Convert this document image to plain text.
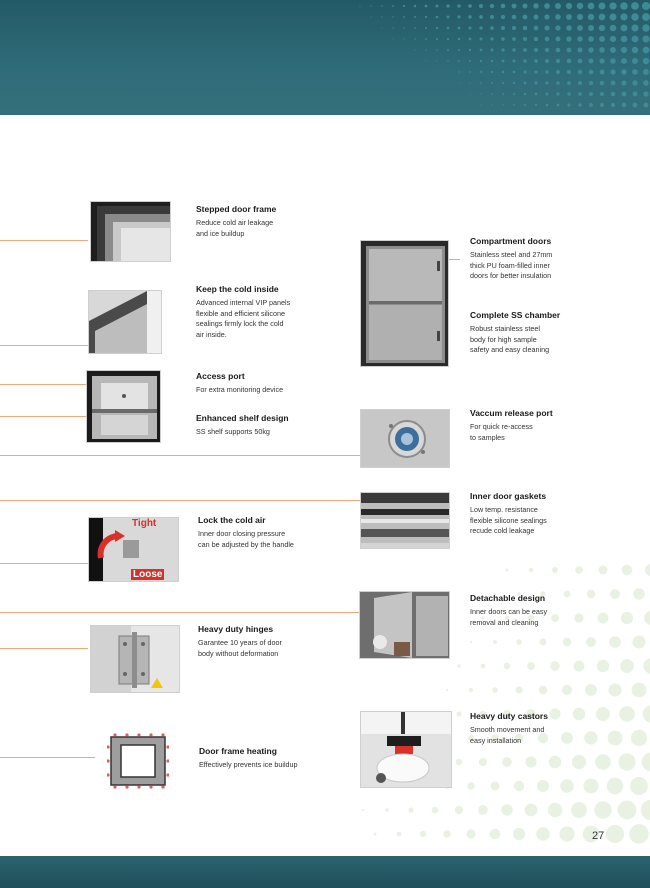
Tight
Loose
Stepped door frame
Reduce cold air leakage
and ice buildup
Keep the cold inside
Advanced internal VIP panels
flexible and efficient silicone
sealings firmly lock the cold
air inside.
Access port
For extra monitoring device
Enhanced shelf design
SS shelf supports 50kg
Lock the cold air
Inner door closing pressure
can be adjusted by the handle
Heavy duty hinges
Garantee 10 years of door
body without deformation
Door frame heating
Effectively prevents ice buildup
Compartment doors
Stainless steel and 27mm
thick PU foam-filled inner
doors for better insulation
Complete SS chamber
Robust stainless steel
body for high sample
safety and easy cleaning
Vaccum release port
For quick re-access
to samples
Inner door gaskets
Low temp. resistance
flexible silicone sealings
recude cold leakage
Detachable design
Inner doors can be easy
removal and cleaning
Heavy duty castors
Smooth movement and
easy installation
27
